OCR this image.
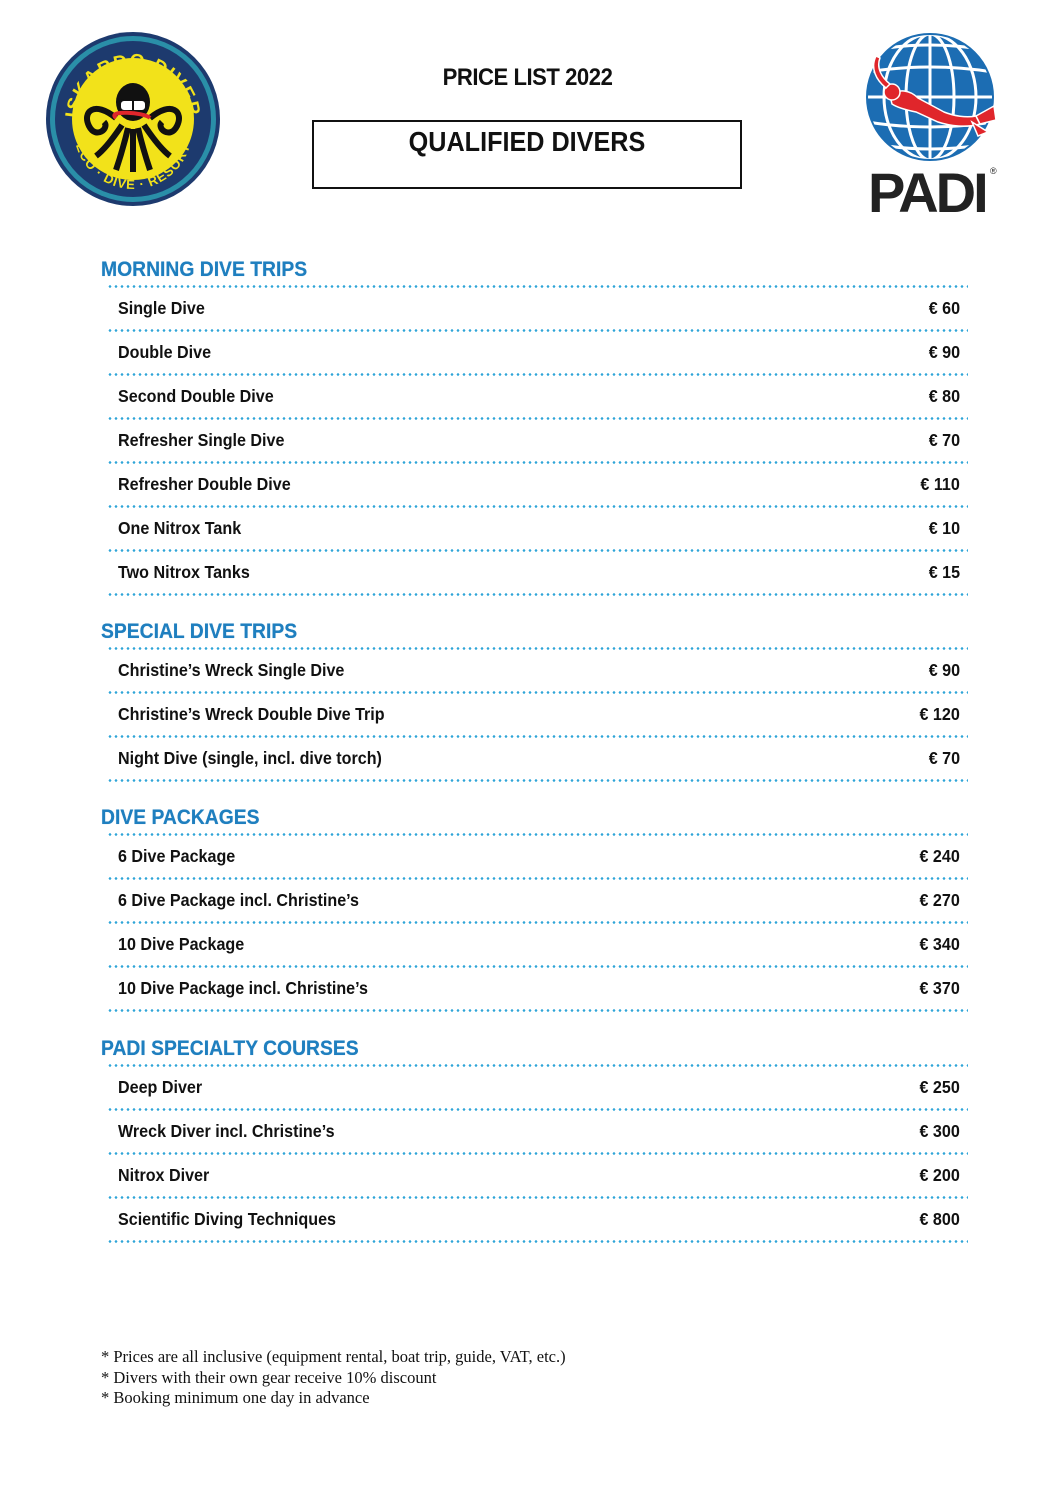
ISKARDO DIVER
ECO · DIVE · RESORT
PRICE LIST 2022
QUALIFIED DIVERS
PADI ®
MORNING DIVE TRIPS
Single Dive	€ 60
Double Dive	€ 90
Second Double Dive	€ 80
Refresher Single Dive	€ 70
Refresher Double Dive	€ 110
One Nitrox Tank	€ 10
Two Nitrox Tanks	€ 15
SPECIAL DIVE TRIPS
Christine’s Wreck Single Dive	€ 90
Christine’s Wreck Double Dive Trip	€ 120
Night Dive (single, incl. dive torch)	€ 70
DIVE PACKAGES
6 Dive Package	€ 240
6 Dive Package incl. Christine’s	€ 270
10 Dive Package	€ 340
10 Dive Package incl. Christine’s	€ 370
PADI SPECIALTY COURSES
Deep Diver	€ 250
Wreck Diver incl. Christine’s	€ 300
Nitrox Diver	€ 200
Scientific Diving Techniques	€ 800
* Prices are all inclusive (equipment rental, boat trip, guide, VAT, etc.)
* Divers with their own gear receive 10% discount
* Booking minimum one day in advance
